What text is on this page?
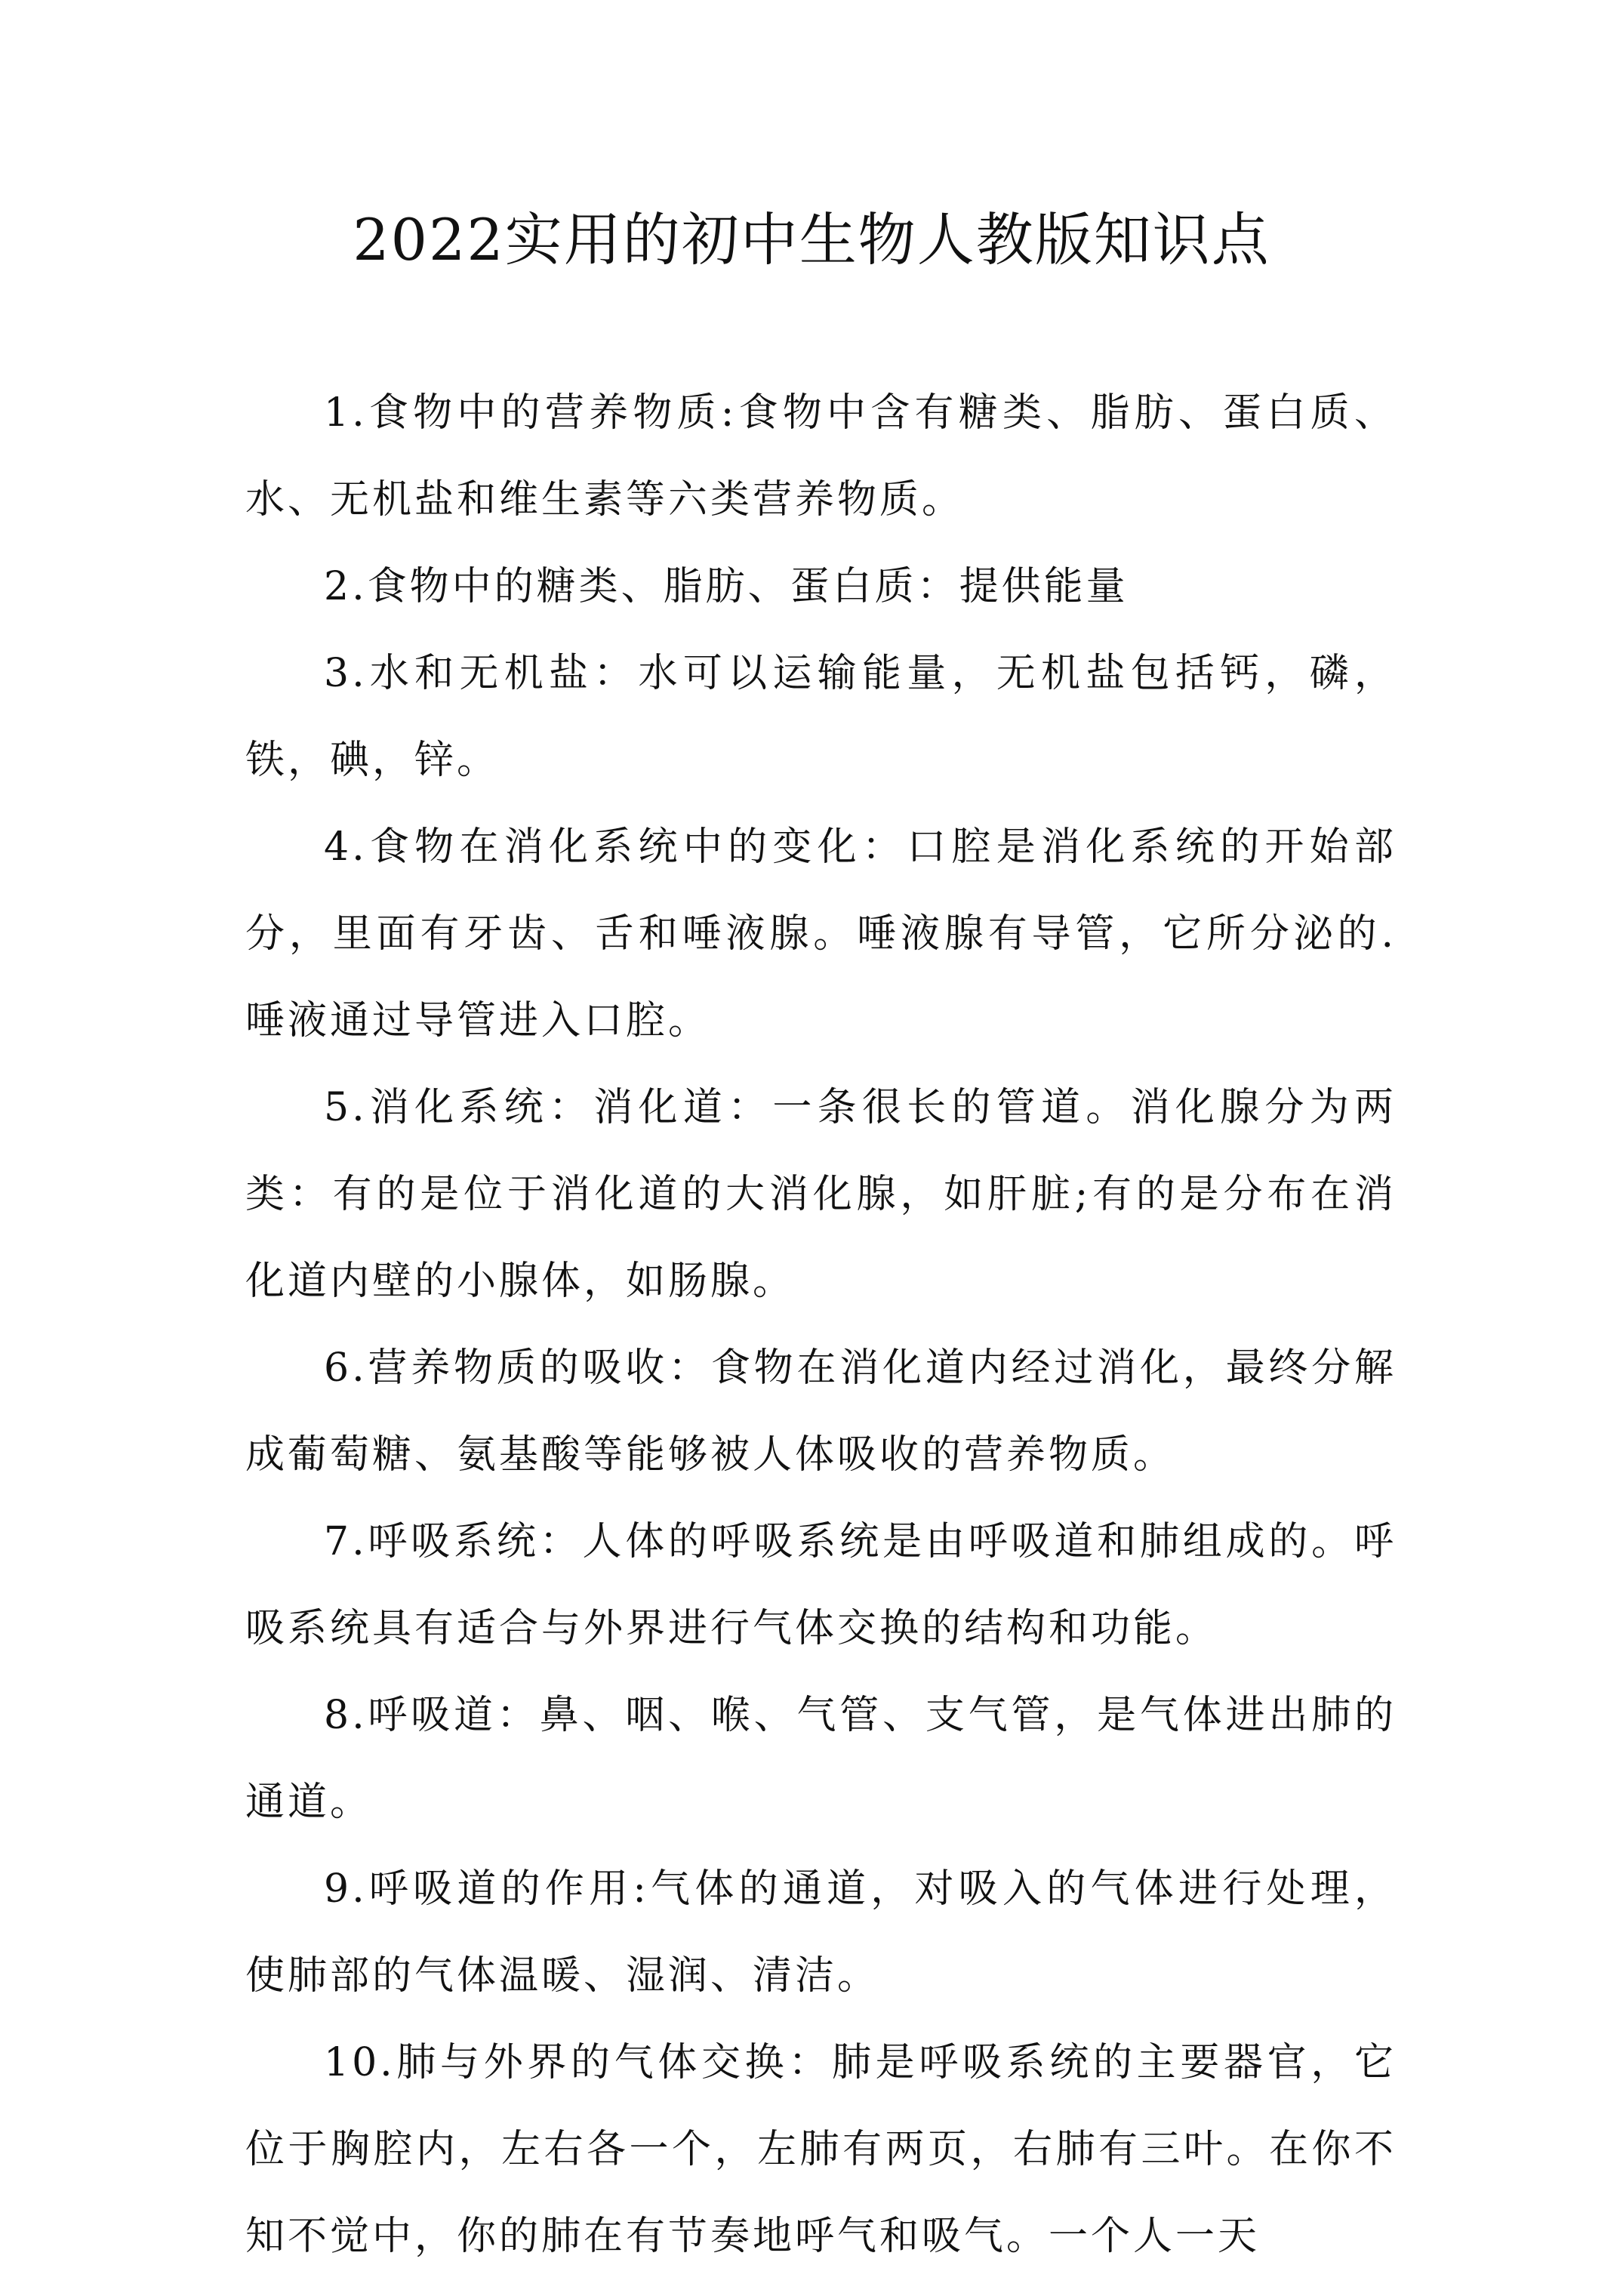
2022实用的初中生物人教版知识点

1.食物中的营养物质:食物中含有糖类、脂肪、蛋白质、水、无机盐和维生素等六类营养物质。

2.食物中的糖类、脂肪、蛋白质：提供能量

3.水和无机盐：水可以运输能量，无机盐包括钙，磷，铁，碘，锌。

4.食物在消化系统中的变化：口腔是消化系统的开始部分，里面有牙齿、舌和唾液腺。唾液腺有导管，它所分泌的.唾液通过导管进入口腔。

5.消化系统：消化道：一条很长的管道。消化腺分为两类：有的是位于消化道的大消化腺，如肝脏;有的是分布在消化道内壁的小腺体，如肠腺。

6.营养物质的吸收：食物在消化道内经过消化，最终分解成葡萄糖、氨基酸等能够被人体吸收的营养物质。

7.呼吸系统：人体的呼吸系统是由呼吸道和肺组成的。呼吸系统具有适合与外界进行气体交换的结构和功能。

8.呼吸道：鼻、咽、喉、气管、支气管，是气体进出肺的通道。

9.呼吸道的作用:气体的通道，对吸入的气体进行处理，使肺部的气体温暖、湿润、清洁。

10.肺与外界的气体交换：肺是呼吸系统的主要器官，它位于胸腔内，左右各一个，左肺有两页，右肺有三叶。在你不知不觉中，你的肺在有节奏地呼气和吸气。一个人一天
